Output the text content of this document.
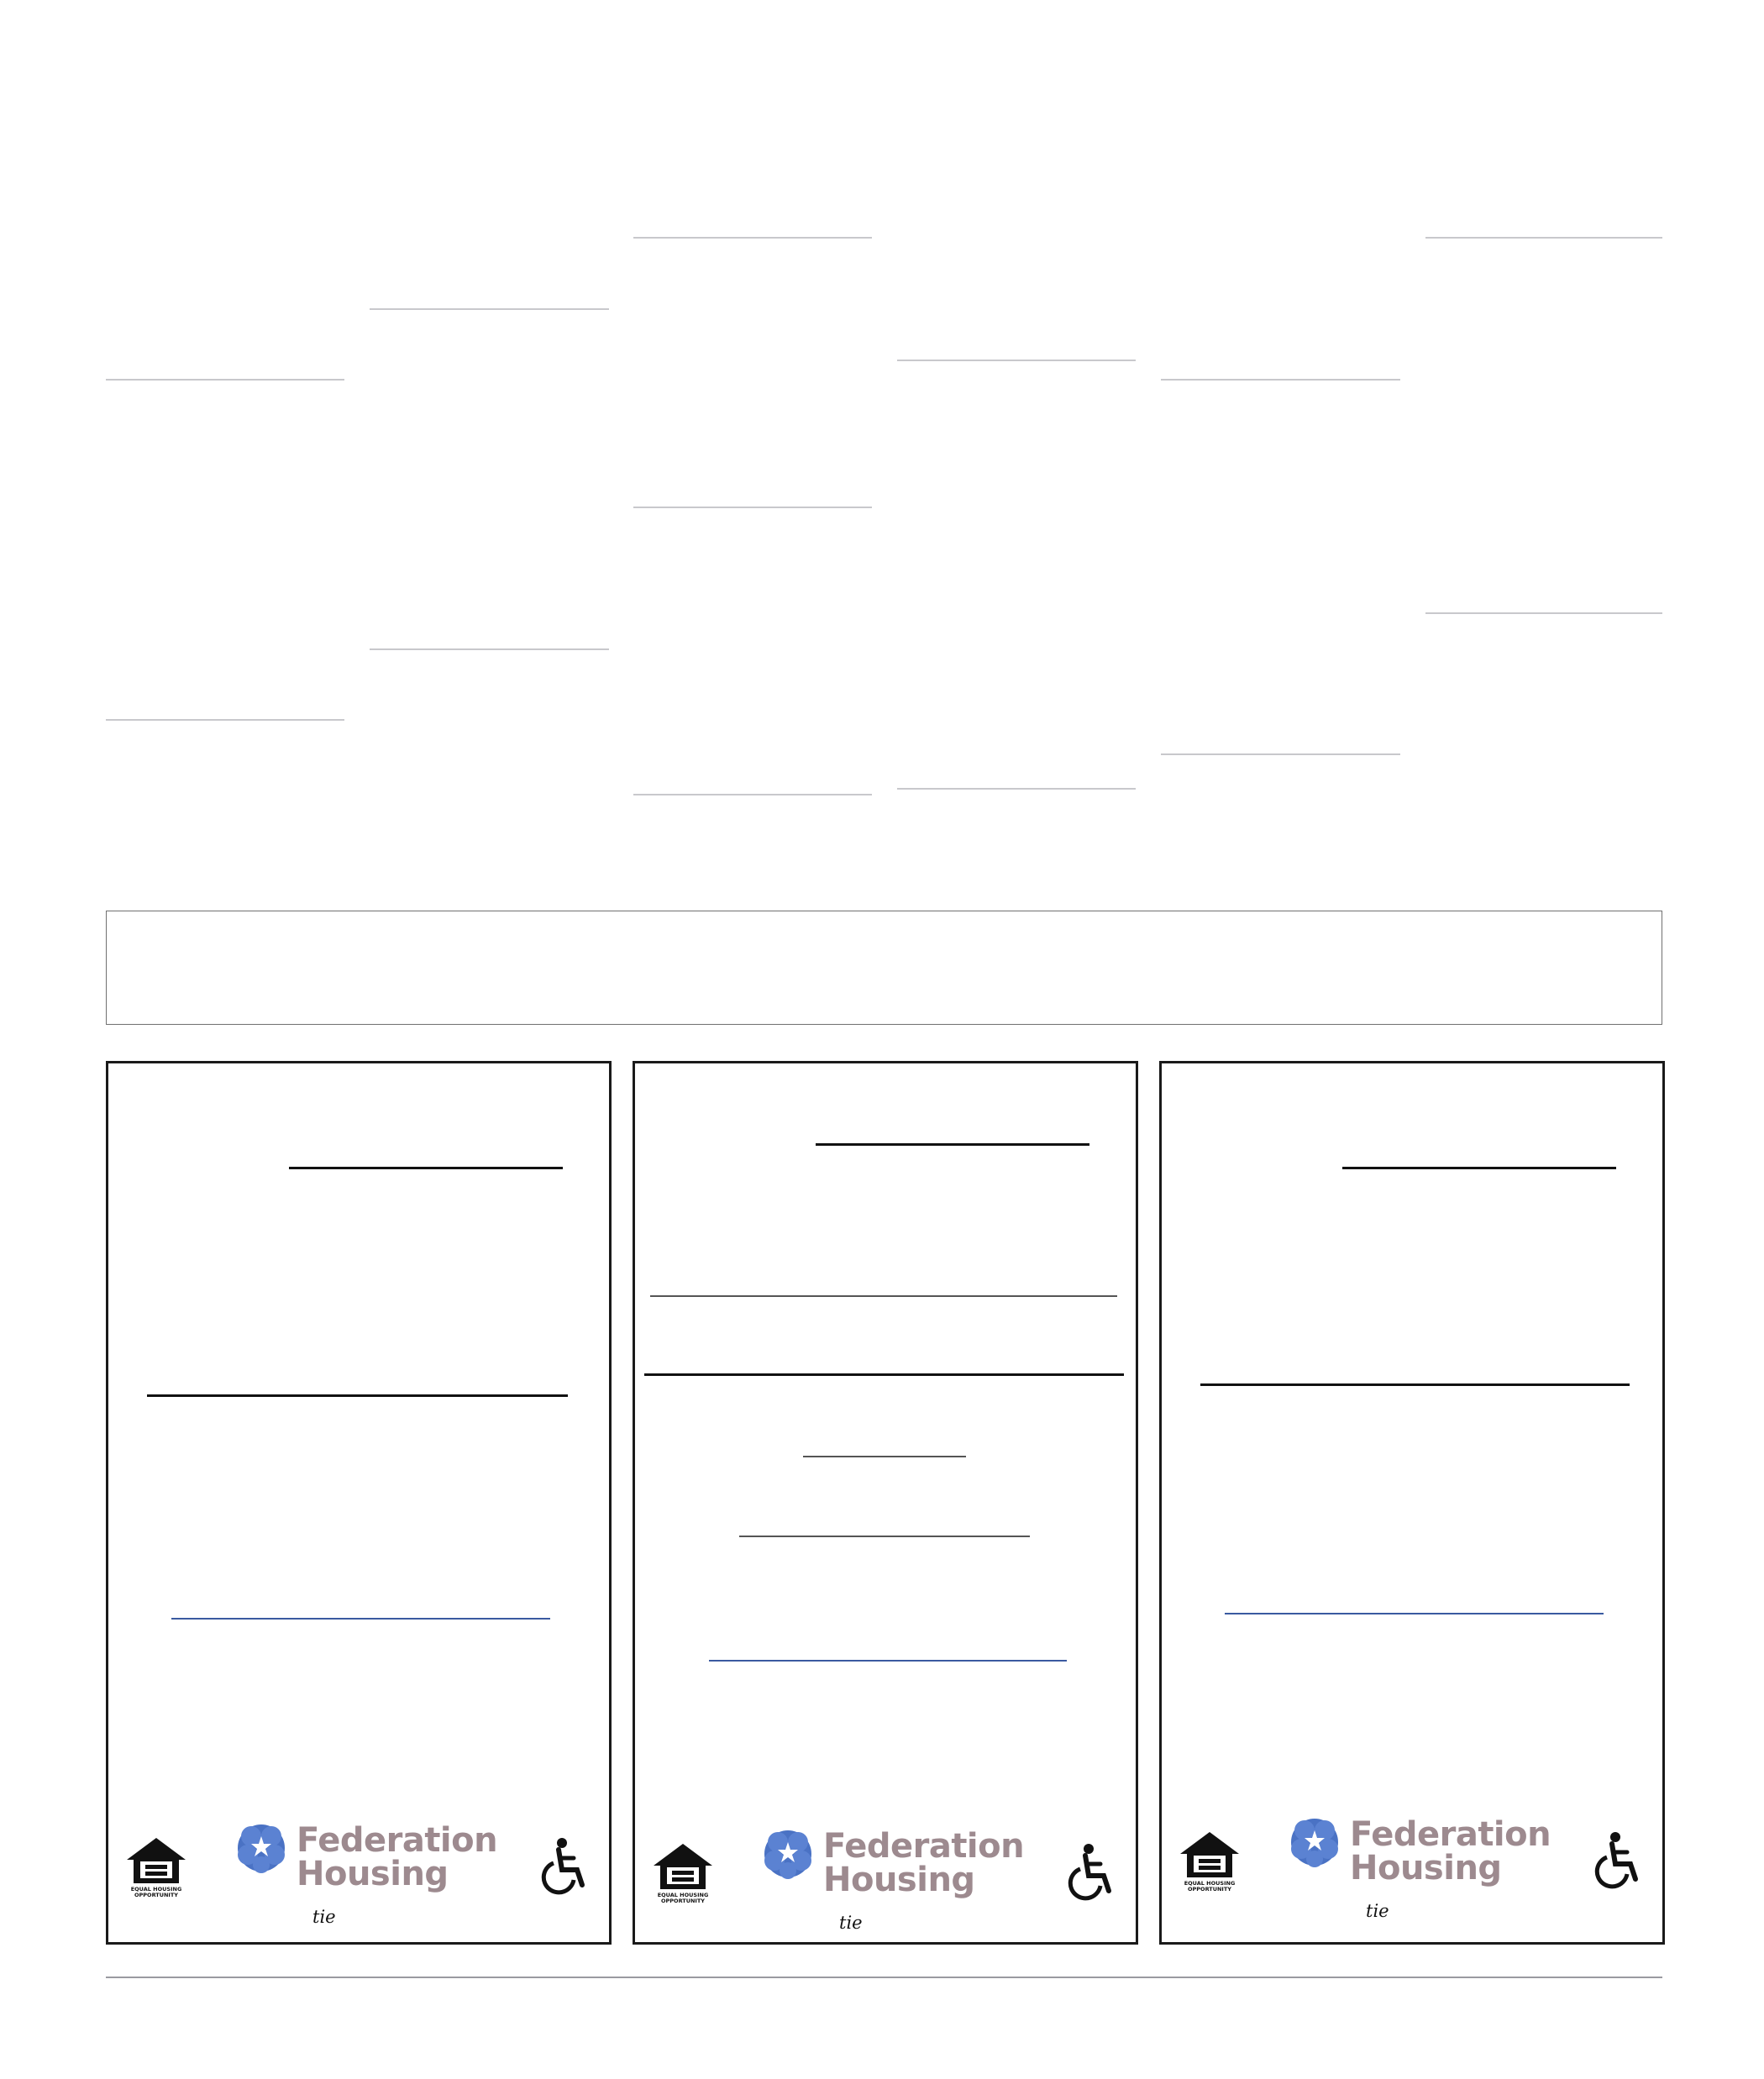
EQUAL HOUSING OPPORTUNITY
Federation
Housing
tie
EQUAL HOUSING OPPORTUNITY
Federation
Housing
tie
EQUAL HOUSING OPPORTUNITY
Federation
Housing
tie
